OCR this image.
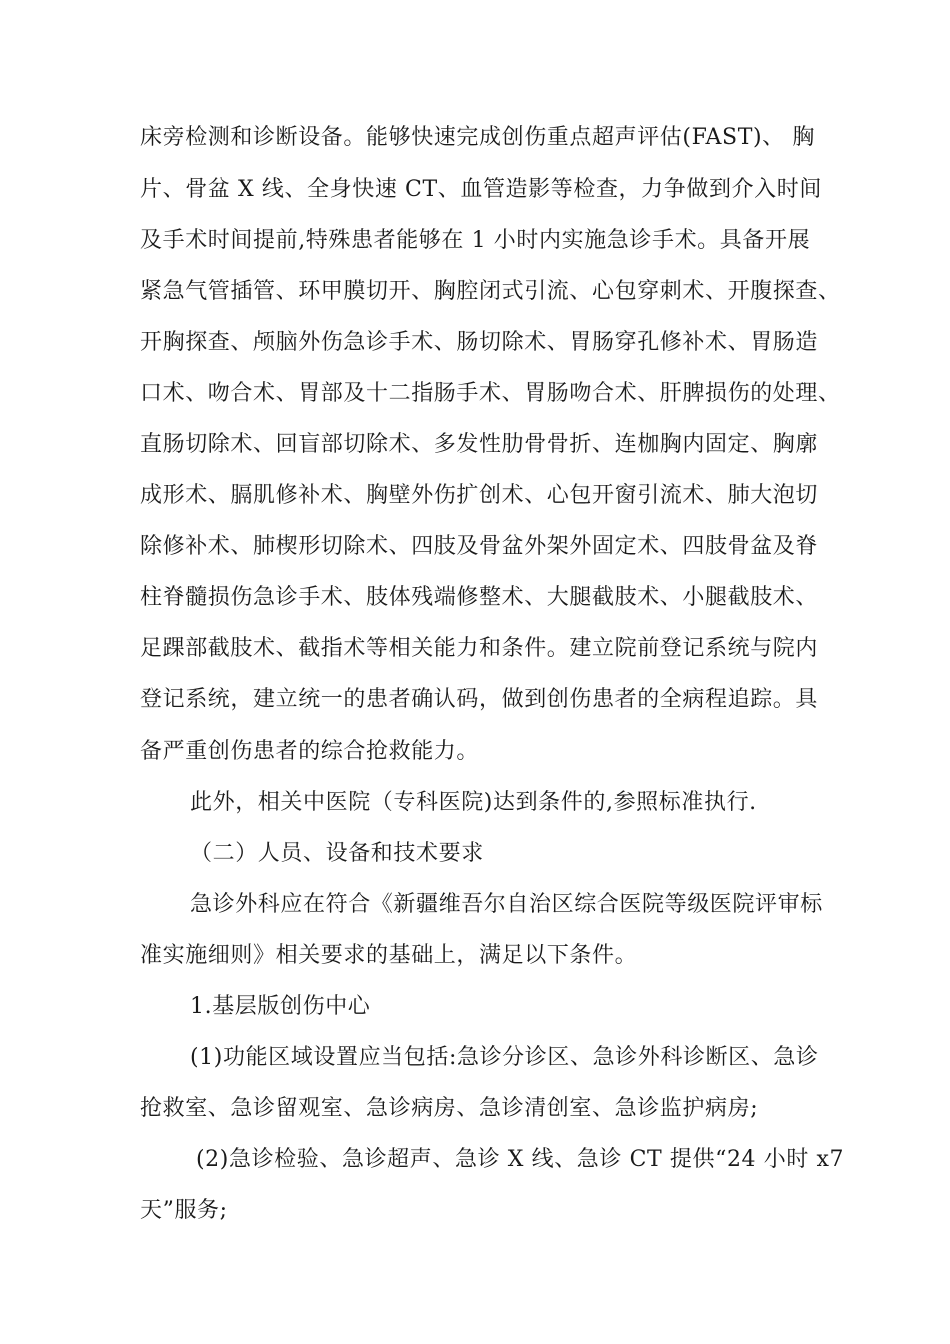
床旁检测和诊断设备。能够快速完成创伤重点超声评估(FAST)、 胸
片、骨盆 X 线、全身快速 CT、血管造影等检查，力争做到介入时间
及手术时间提前,特殊患者能够在 1 小时内实施急诊手术。具备开展
紧急气管插管、环甲膜切开、胸腔闭式引流、心包穿刺术、开腹探查、
开胸探查、颅脑外伤急诊手术、肠切除术、胃肠穿孔修补术、胃肠造
口术、吻合术、胃部及十二指肠手术、胃肠吻合术、肝脾损伤的处理、
直肠切除术、回盲部切除术、多发性肋骨骨折、连枷胸内固定、胸廓
成形术、膈肌修补术、胸壁外伤扩创术、心包开窗引流术、肺大泡切
除修补术、肺楔形切除术、四肢及骨盆外架外固定术、四肢骨盆及脊
柱脊髓损伤急诊手术、肢体残端修整术、大腿截肢术、小腿截肢术、
足踝部截肢术、截指术等相关能力和条件。建立院前登记系统与院内
登记系统，建立统一的患者确认码，做到创伤患者的全病程追踪。具
备严重创伤患者的综合抢救能力。
此外，相关中医院（专科医院)达到条件的,参照标准执行.
（二）人员、设备和技术要求
急诊外科应在符合《新疆维吾尔自治区综合医院等级医院评审标
准实施细则》相关要求的基础上，满足以下条件。
1.基层版创伤中心
(1)功能区域设置应当包括:急诊分诊区、急诊外科诊断区、急诊
抢救室、急诊留观室、急诊病房、急诊清创室、急诊监护病房;
(2)急诊检验、急诊超声、急诊 X 线、急诊 CT 提供“24 小时 x7
天”服务;
